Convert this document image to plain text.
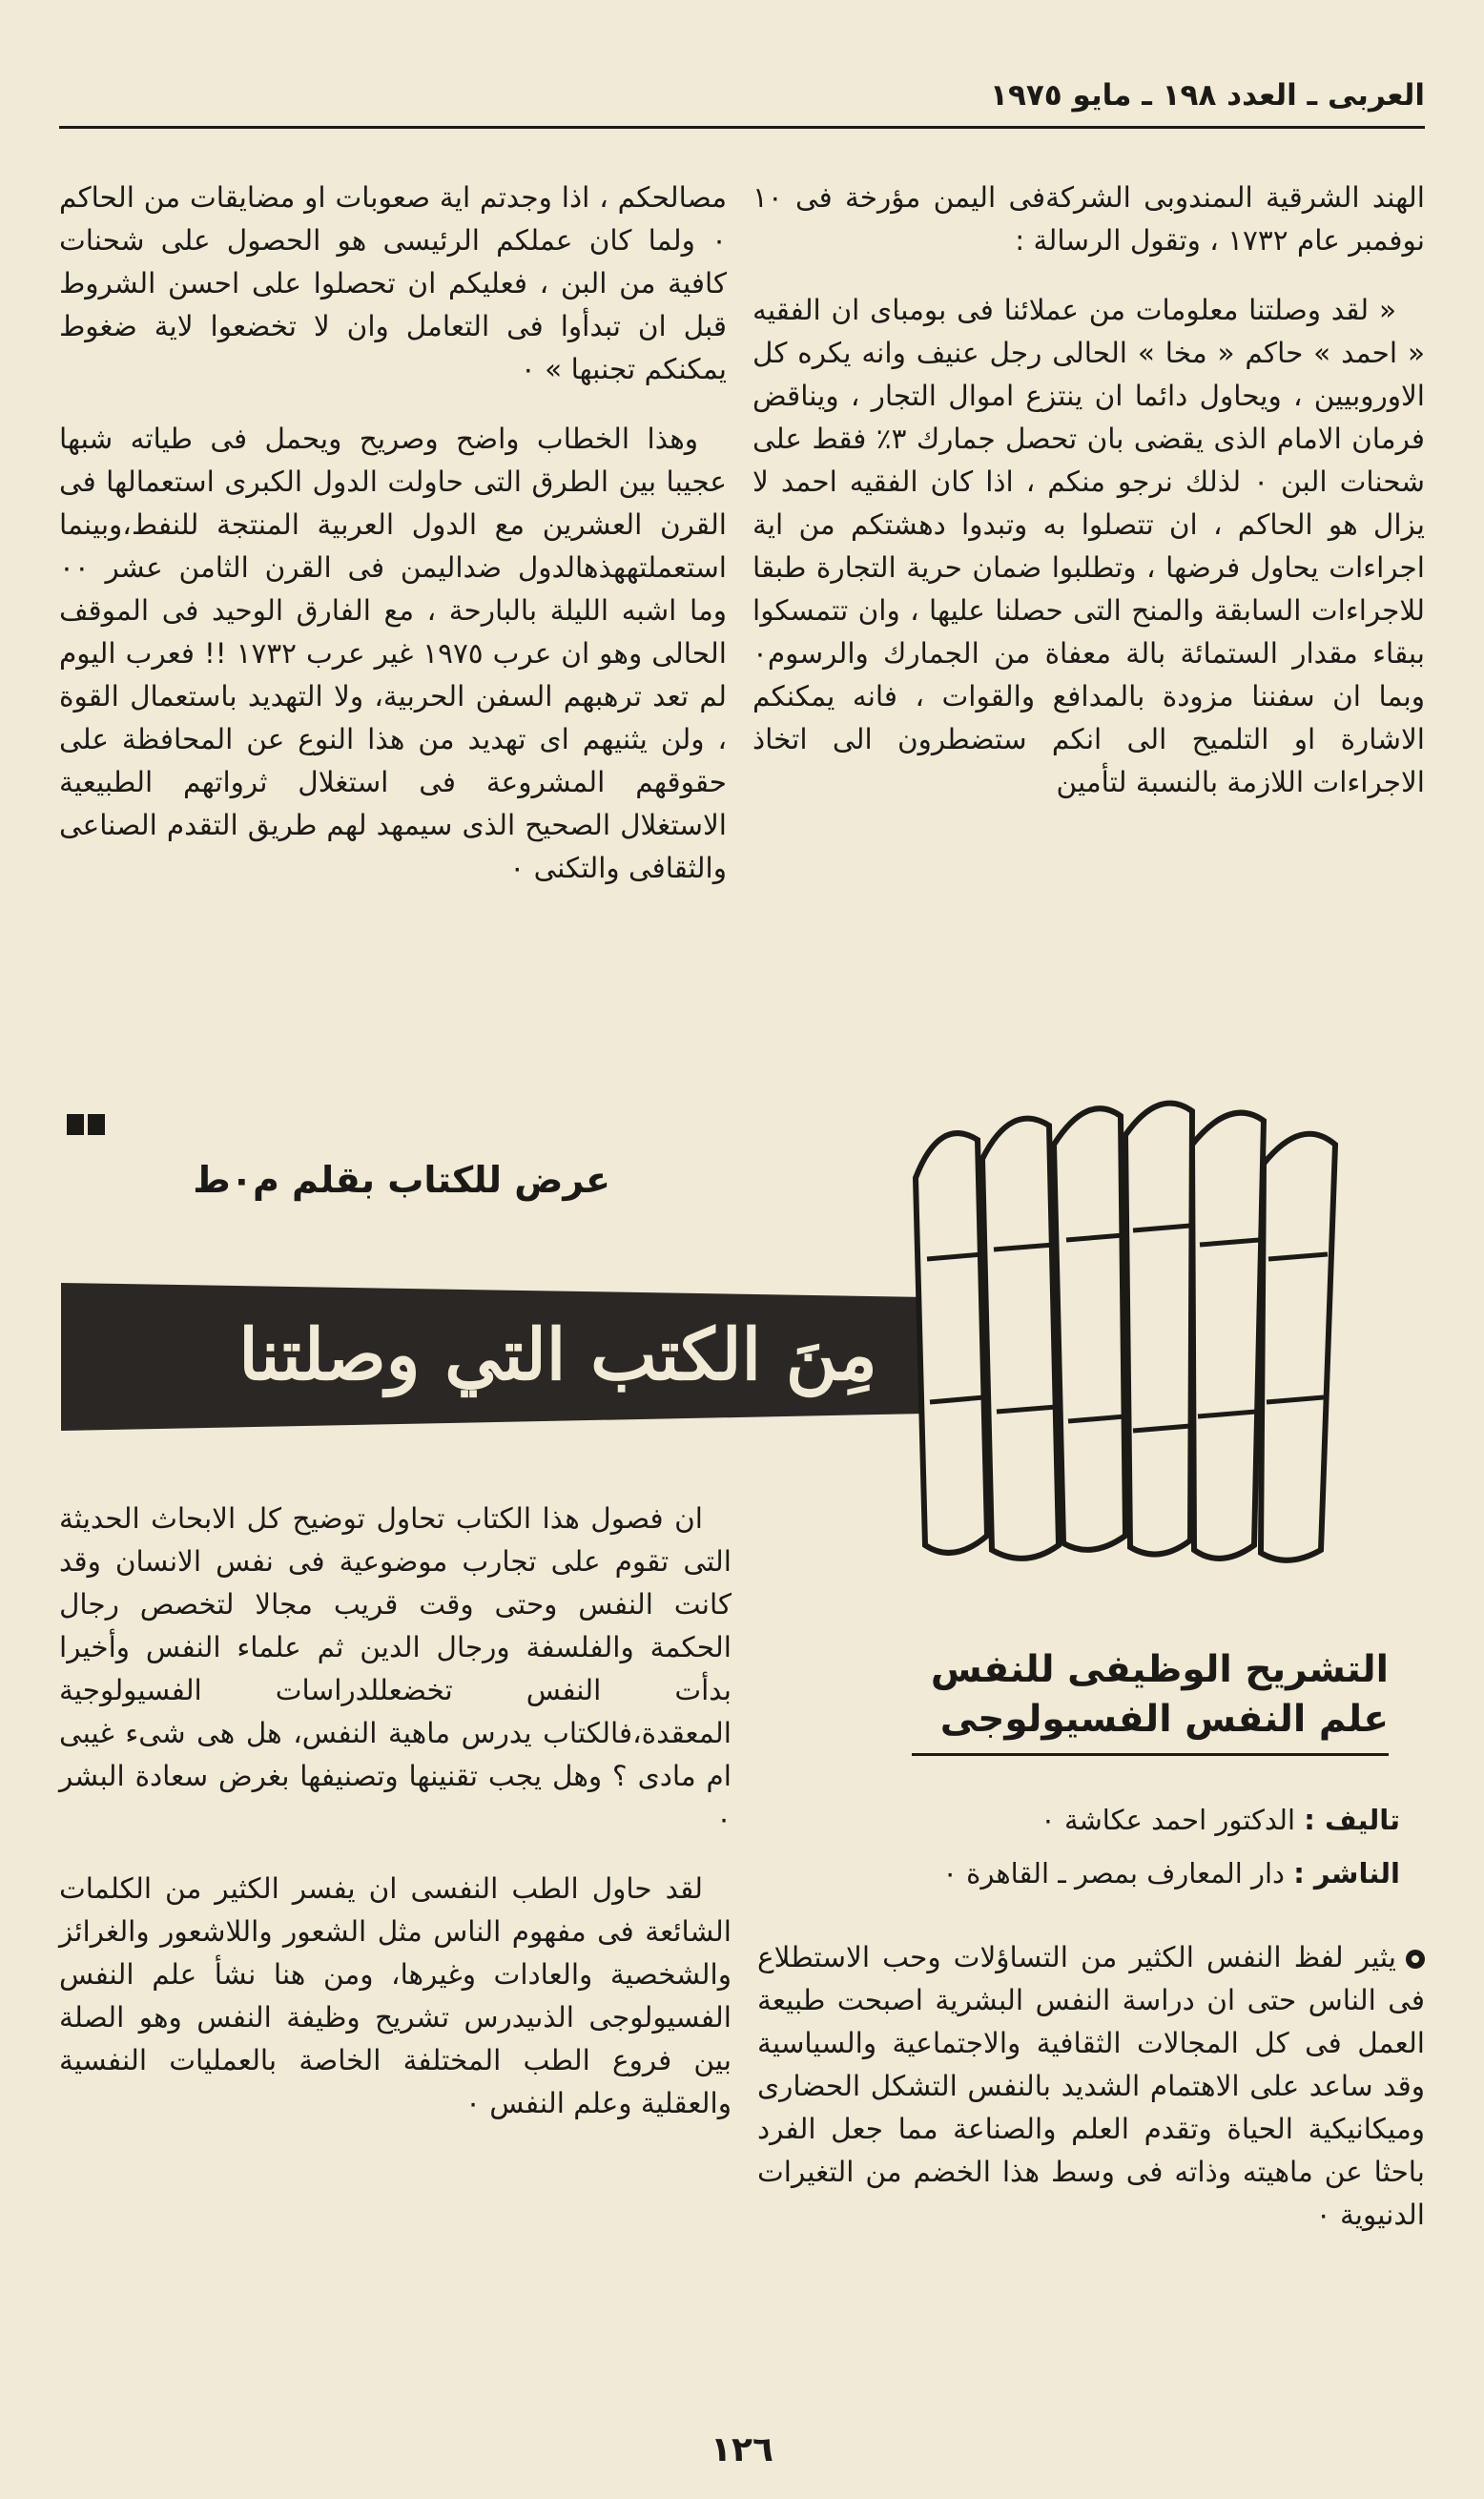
العربى ـ العدد ١٩٨ ـ مايو ١٩٧٥

الهند الشرقية الىمندوبى الشركةفى اليمن مؤرخة فى ١٠ نوفمبر عام ١٧٣٢ ، وتقول الرسالة :

« لقد وصلتنا معلومات من عملائنا فى بومباى ان الفقيه « احمد » حاكم « مخا » الحالى رجل عنيف وانه يكره كل الاوروبيين ، ويحاول دائما ان ينتزع اموال التجار ، ويناقض فرمان الامام الذى يقضى بان تحصل جمارك ٣٪ فقط على شحنات البن ٠ لذلك نرجو منكم ، اذا كان الفقيه احمد لا يزال هو الحاكم ، ان تتصلوا به وتبدوا دهشتكم من اية اجراءات يحاول فرضها ، وتطلبوا ضمان حرية التجارة طبقا للاجراءات السابقة والمنح التى حصلنا عليها ، وان تتمسكوا ببقاء مقدار الستمائة بالة معفاة من الجمارك والرسوم٠ وبما ان سفننا مزودة بالمدافع والقوات ، فانه يمكنكم الاشارة او التلميح الى انكم ستضطرون الى اتخاذ الاجراءات اللازمة بالنسبة لتأمين

مصالحكم ، اذا وجدتم اية صعوبات او مضايقات من الحاكم ٠ ولما كان عملكم الرئيسى هو الحصول على شحنات كافية من البن ، فعليكم ان تحصلوا على احسن الشروط قبل ان تبدأوا فى التعامل وان لا تخضعوا لاية ضغوط يمكنكم تجنبها » ٠

وهذا الخطاب واضح وصريح ويحمل فى طياته شبها عجيبا بين الطرق التى حاولت الدول الكبرى استعمالها فى القرن العشرين مع الدول العربية المنتجة للنفط،وبينما استعملتههذهالدول ضداليمن فى القرن الثامن عشر ٠٠ وما اشبه الليلة بالبارحة ، مع الفارق الوحيد فى الموقف الحالى وهو ان عرب ١٩٧٥ غير عرب ١٧٣٢ !! فعرب اليوم لم تعد ترهبهم السفن الحربية، ولا التهديد باستعمال القوة ، ولن يثنيهم اى تهديد من هذا النوع عن المحافظة على حقوقهم المشروعة فى استغلال ثرواتهم الطبيعية الاستغلال الصحيح الذى سيمهد لهم طريق التقدم الصناعى والثقافى والتكنى ٠

عرض للكتاب بقلم م٠ط
مِنَ الكتب التي وصلتنا

ان فصول هذا الكتاب تحاول توضيح كل الابحاث الحديثة التى تقوم على تجارب موضوعية فى نفس الانسان وقد كانت النفس وحتى وقت قريب مجالا لتخصص رجال الحكمة والفلسفة ورجال الدين ثم علماء النفس وأخيرا بدأت النفس تخضعللدراسات الفسيولوجية المعقدة،فالكتاب يدرس ماهية النفس، هل هى شىء غيبى ام مادى ؟ وهل يجب تقنينها وتصنيفها بغرض سعادة البشر ٠

لقد حاول الطب النفسى ان يفسر الكثير من الكلمات الشائعة فى مفهوم الناس مثل الشعور واللاشعور والغرائز والشخصية والعادات وغيرها، ومن هنا نشأ علم النفس الفسيولوجى الذىيدرس تشريح وظيفة النفس وهو الصلة بين فروع الطب المختلفة الخاصة بالعمليات النفسية والعقلية وعلم النفس ٠

التشريح الوظيفى للنفس
علم النفس الفسيولوجى
تاليف : الدكتور احمد عكاشة ٠
الناشر : دار المعارف بمصر ـ القاهرة ٠

يثير لفظ النفس الكثير من التساؤلات وحب الاستطلاع فى الناس حتى ان دراسة النفس البشرية اصبحت طبيعة العمل فى كل المجالات الثقافية والاجتماعية والسياسية وقد ساعد على الاهتمام الشديد بالنفس التشكل الحضارى وميكانيكية الحياة وتقدم العلم والصناعة مما جعل الفرد باحثا عن ماهيته وذاته فى وسط هذا الخضم من التغيرات الدنيوية ٠

١٢٦
